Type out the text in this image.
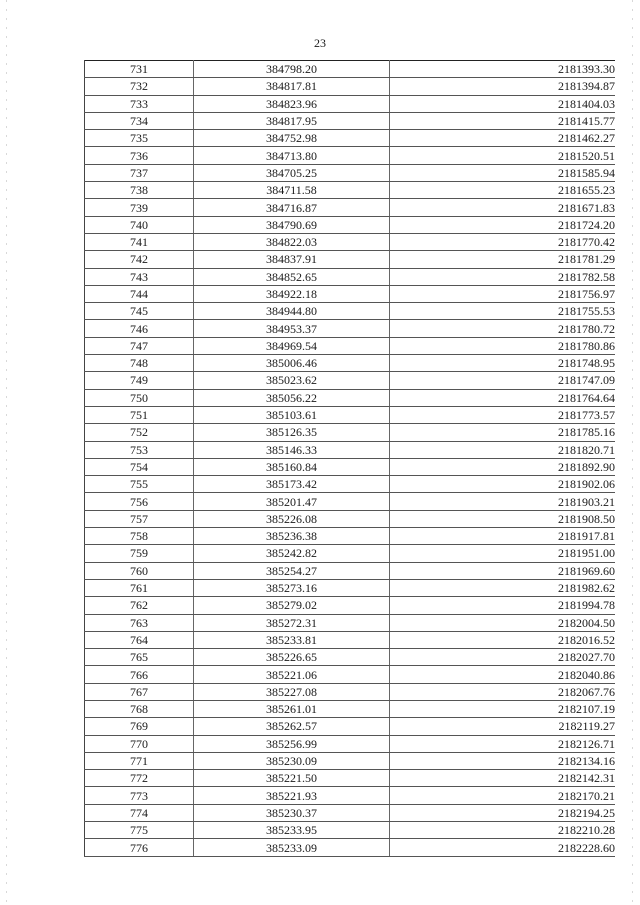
23
731	384798.20	2181393.30
732	384817.81	2181394.87
733	384823.96	2181404.03
734	384817.95	2181415.77
735	384752.98	2181462.27
736	384713.80	2181520.51
737	384705.25	2181585.94
738	384711.58	2181655.23
739	384716.87	2181671.83
740	384790.69	2181724.20
741	384822.03	2181770.42
742	384837.91	2181781.29
743	384852.65	2181782.58
744	384922.18	2181756.97
745	384944.80	2181755.53
746	384953.37	2181780.72
747	384969.54	2181780.86
748	385006.46	2181748.95
749	385023.62	2181747.09
750	385056.22	2181764.64
751	385103.61	2181773.57
752	385126.35	2181785.16
753	385146.33	2181820.71
754	385160.84	2181892.90
755	385173.42	2181902.06
756	385201.47	2181903.21
757	385226.08	2181908.50
758	385236.38	2181917.81
759	385242.82	2181951.00
760	385254.27	2181969.60
761	385273.16	2181982.62
762	385279.02	2181994.78
763	385272.31	2182004.50
764	385233.81	2182016.52
765	385226.65	2182027.70
766	385221.06	2182040.86
767	385227.08	2182067.76
768	385261.01	2182107.19
769	385262.57	2182119.27
770	385256.99	2182126.71
771	385230.09	2182134.16
772	385221.50	2182142.31
773	385221.93	2182170.21
774	385230.37	2182194.25
775	385233.95	2182210.28
776	385233.09	2182228.60
